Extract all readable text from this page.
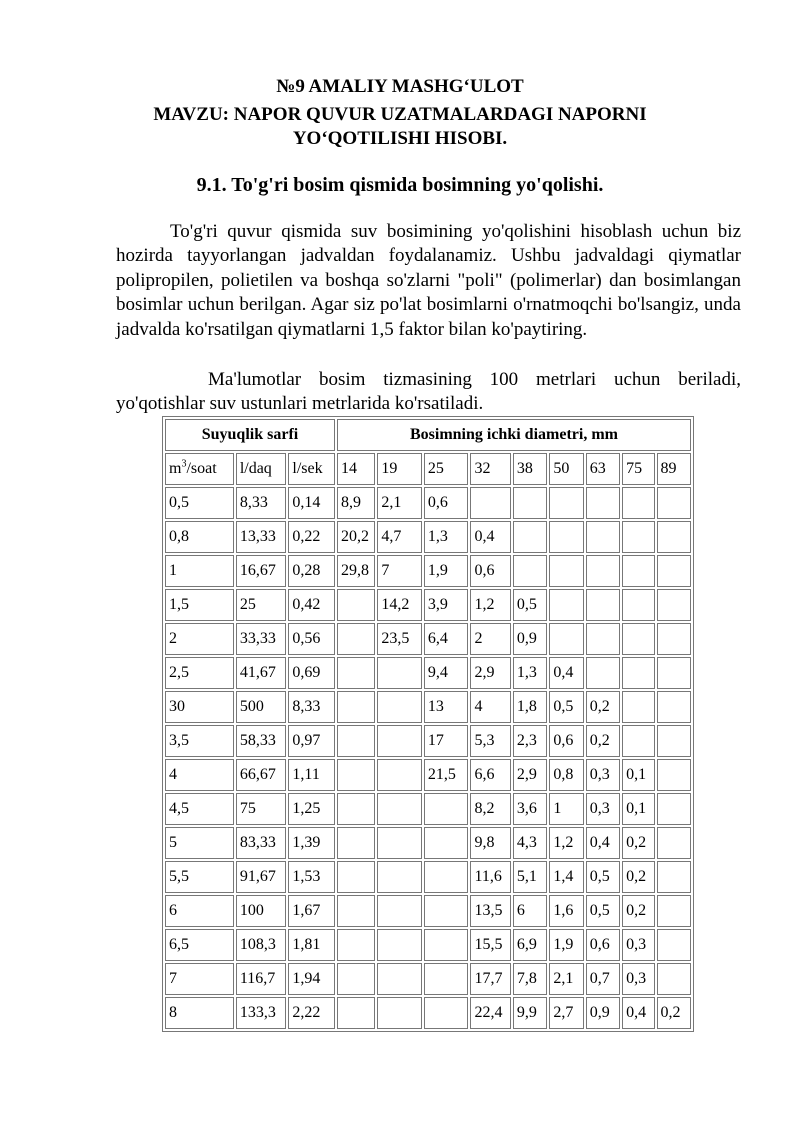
№9 AMALIY MASHG‘ULOT
MAVZU: NAPOR QUVUR UZATMALARDAGI NAPORNI
YO‘QOTILISHI HISOBI.
9.1. To'g'ri bosim qismida bosimning yo'qolishi.
To'g'ri quvur qismida suv bosimining yo'qolishini hisoblash uchun biz hozirda tayyorlangan jadvaldan foydalanamiz. Ushbu jadvaldagi qiymatlar polipropilen, polietilen va boshqa so'zlarni "poli" (polimerlar) dan bosimlangan bosimlar uchun berilgan. Agar siz po'lat bosimlarni o'rnatmoqchi bo'lsangiz, unda jadvalda ko'rsatilgan qiymatlarni 1,5 faktor bilan ko'paytiring.
Ma'lumotlar bosim tizmasining 100 metrlari uchun beriladi, yo'qotishlar suv ustunlari metrlarida ko'rsatiladi.
Suyuqlik sarfi			Bosimning ichki diametri, mm								
$m^3$/soat	l/daq	l/sek	14	19	25	32	38	50	63	75	89
0,5	8,33	0,14	8,9	2,1	0,6						
0,8	13,33	0,22	20,2	4,7	1,3	0,4					
1	16,67	0,28	29,8	7	1,9	0,6					
1,5	25	0,42		14,2	3,9	1,2	0,5				
2	33,33	0,56		23,5	6,4	2	0,9				
2,5	41,67	0,69			9,4	2,9	1,3	0,4			
30	500	8,33			13	4	1,8	0,5	0,2		
3,5	58,33	0,97			17	5,3	2,3	0,6	0,2		
4	66,67	1,11			21,5	6,6	2,9	0,8	0,3	0,1	
4,5	75	1,25				8,2	3,6	1	0,3	0,1	
5	83,33	1,39				9,8	4,3	1,2	0,4	0,2	
5,5	91,67	1,53				11,6	5,1	1,4	0,5	0,2	
6	100	1,67				13,5	6	1,6	0,5	0,2	
6,5	108,3	1,81				15,5	6,9	1,9	0,6	0,3	
7	116,7	1,94				17,7	7,8	2,1	0,7	0,3	
8	133,3	2,22				22,4	9,9	2,7	0,9	0,4	0,2
